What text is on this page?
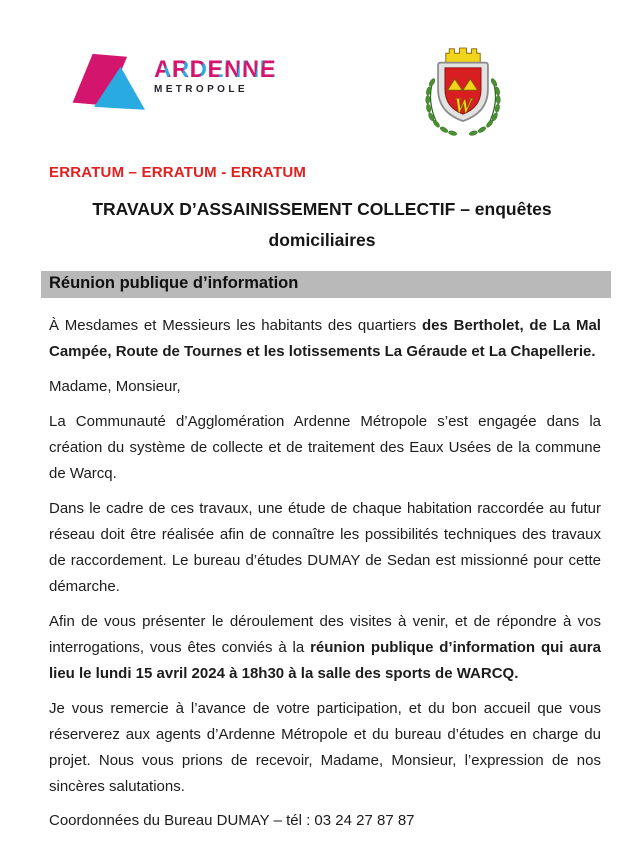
ARDENNE
METROPOLE
W
ERRATUM – ERRATUM - ERRATUM
TRAVAUX D’ASSAINISSEMENT COLLECTIF – enquêtes domiciliaires
Réunion publique d’information

À Mesdames et Messieurs les habitants des quartiers des Bertholet, de La Mal Campée, Route de Tournes et les lotissements La Géraude et La Chapellerie.

Madame, Monsieur,

La Communauté d’Agglomération Ardenne Métropole s’est engagée dans la création du système de collecte et de traitement des Eaux Usées de la commune de Warcq.

Dans le cadre de ces travaux, une étude de chaque habitation raccordée au futur réseau doit être réalisée afin de connaître les possibilités techniques des travaux de raccordement. Le bureau d’études DUMAY de Sedan est missionné pour cette démarche.

Afin de vous présenter le déroulement des visites à venir, et de répondre à vos interrogations, vous êtes conviés à la réunion publique d’information qui aura lieu le lundi 15 avril 2024 à 18h30 à la salle des sports de WARCQ.

Je vous remercie à l’avance de votre participation, et du bon accueil que vous réserverez aux agents d’Ardenne Métropole et du bureau d’études en charge du projet. Nous vous prions de recevoir, Madame, Monsieur, l’expression de nos sincères salutations.

Coordonnées du Bureau DUMAY – tél : 03 24 27 87 87
